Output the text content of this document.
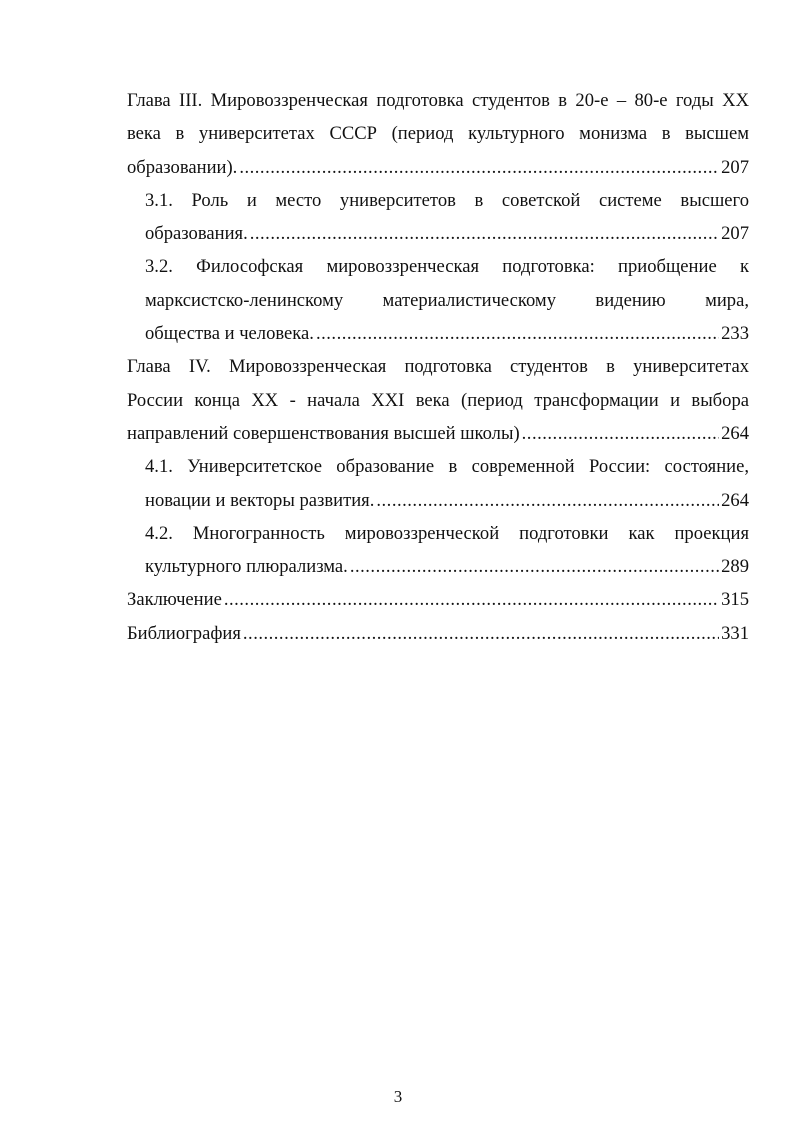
Глава III. Мировоззренческая подготовка студентов в 20-е – 80-е годы XX
века в университетах СССР (период культурного монизма в высшем
образовании). .....	207
3.1. Роль и место университетов в советской системе высшего
образования. .....	207
3.2. Философская мировоззренческая подготовка: приобщение к
марксистско-ленинскому материалистическому видению мира,
общества и человека. .....	233
Глава IV. Мировоззренческая подготовка студентов в университетах
России конца XX - начала XXI века (период трансформации и выбора
направлений совершенствования высшей школы) .....	264
4.1. Университетское образование в современной России: состояние,
новации и векторы развития. .....	264
4.2. Многогранность мировоззренческой подготовки как проекция
культурного плюрализма. .....	289
Заключение .....	315
Библиография .....	331
3
